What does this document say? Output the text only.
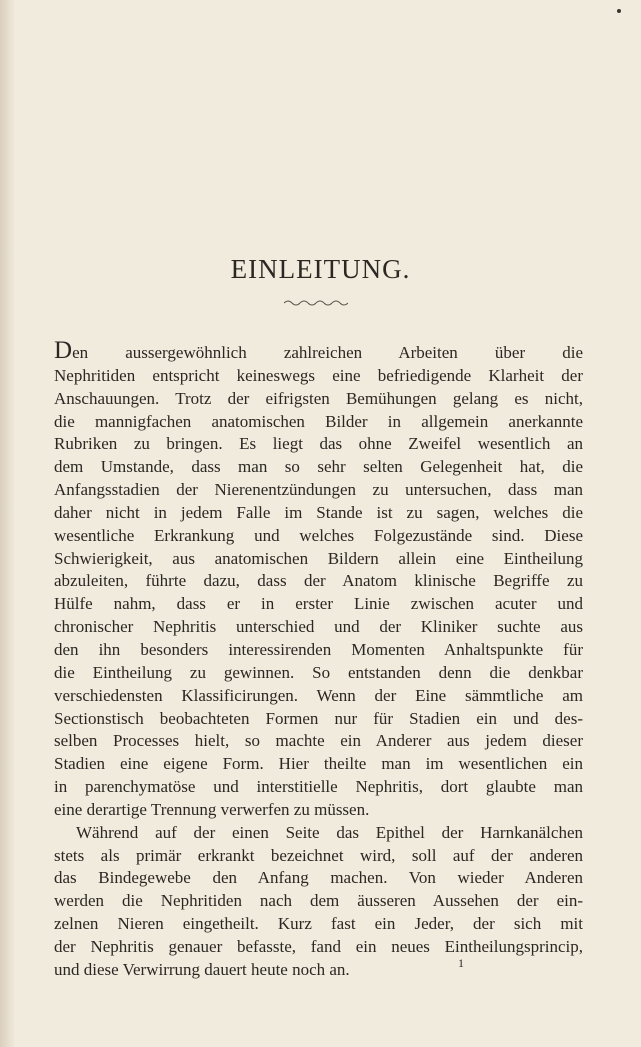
EINLEITUNG.
Den aussergewöhnlich zahlreichen Arbeiten über die
Nephritiden entspricht keineswegs eine befriedigende Klarheit der
Anschauungen. Trotz der eifrigsten Bemühungen gelang es nicht,
die mannigfachen anatomischen Bilder in allgemein anerkannte
Rubriken zu bringen. Es liegt das ohne Zweifel wesentlich an
dem Umstande, dass man so sehr selten Gelegenheit hat, die
Anfangsstadien der Nierenentzündungen zu untersuchen, dass man
daher nicht in jedem Falle im Stande ist zu sagen, welches die
wesentliche Erkrankung und welches Folgezustände sind. Diese
Schwierigkeit, aus anatomischen Bildern allein eine Eintheilung
abzuleiten, führte dazu, dass der Anatom klinische Begriffe zu
Hülfe nahm, dass er in erster Linie zwischen acuter und
chronischer Nephritis unterschied und der Kliniker suchte aus
den ihn besonders interessirenden Momenten Anhaltspunkte für
die Eintheilung zu gewinnen. So entstanden denn die denkbar
verschiedensten Klassificirungen. Wenn der Eine sämmtliche am
Sectionstisch beobachteten Formen nur für Stadien ein und des-
selben Processes hielt, so machte ein Anderer aus jedem dieser
Stadien eine eigene Form. Hier theilte man im wesentlichen ein
in parenchymatöse und interstitielle Nephritis, dort glaubte man
eine derartige Trennung verwerfen zu müssen.
Während auf der einen Seite das Epithel der Harnkanälchen
stets als primär erkrankt bezeichnet wird, soll auf der anderen
das Bindegewebe den Anfang machen. Von wieder Anderen
werden die Nephritiden nach dem äusseren Aussehen der ein-
zelnen Nieren eingetheilt. Kurz fast ein Jeder, der sich mit
der Nephritis genauer befasste, fand ein neues Eintheilungsprincip,
und diese Verwirrung dauert heute noch an.	1
